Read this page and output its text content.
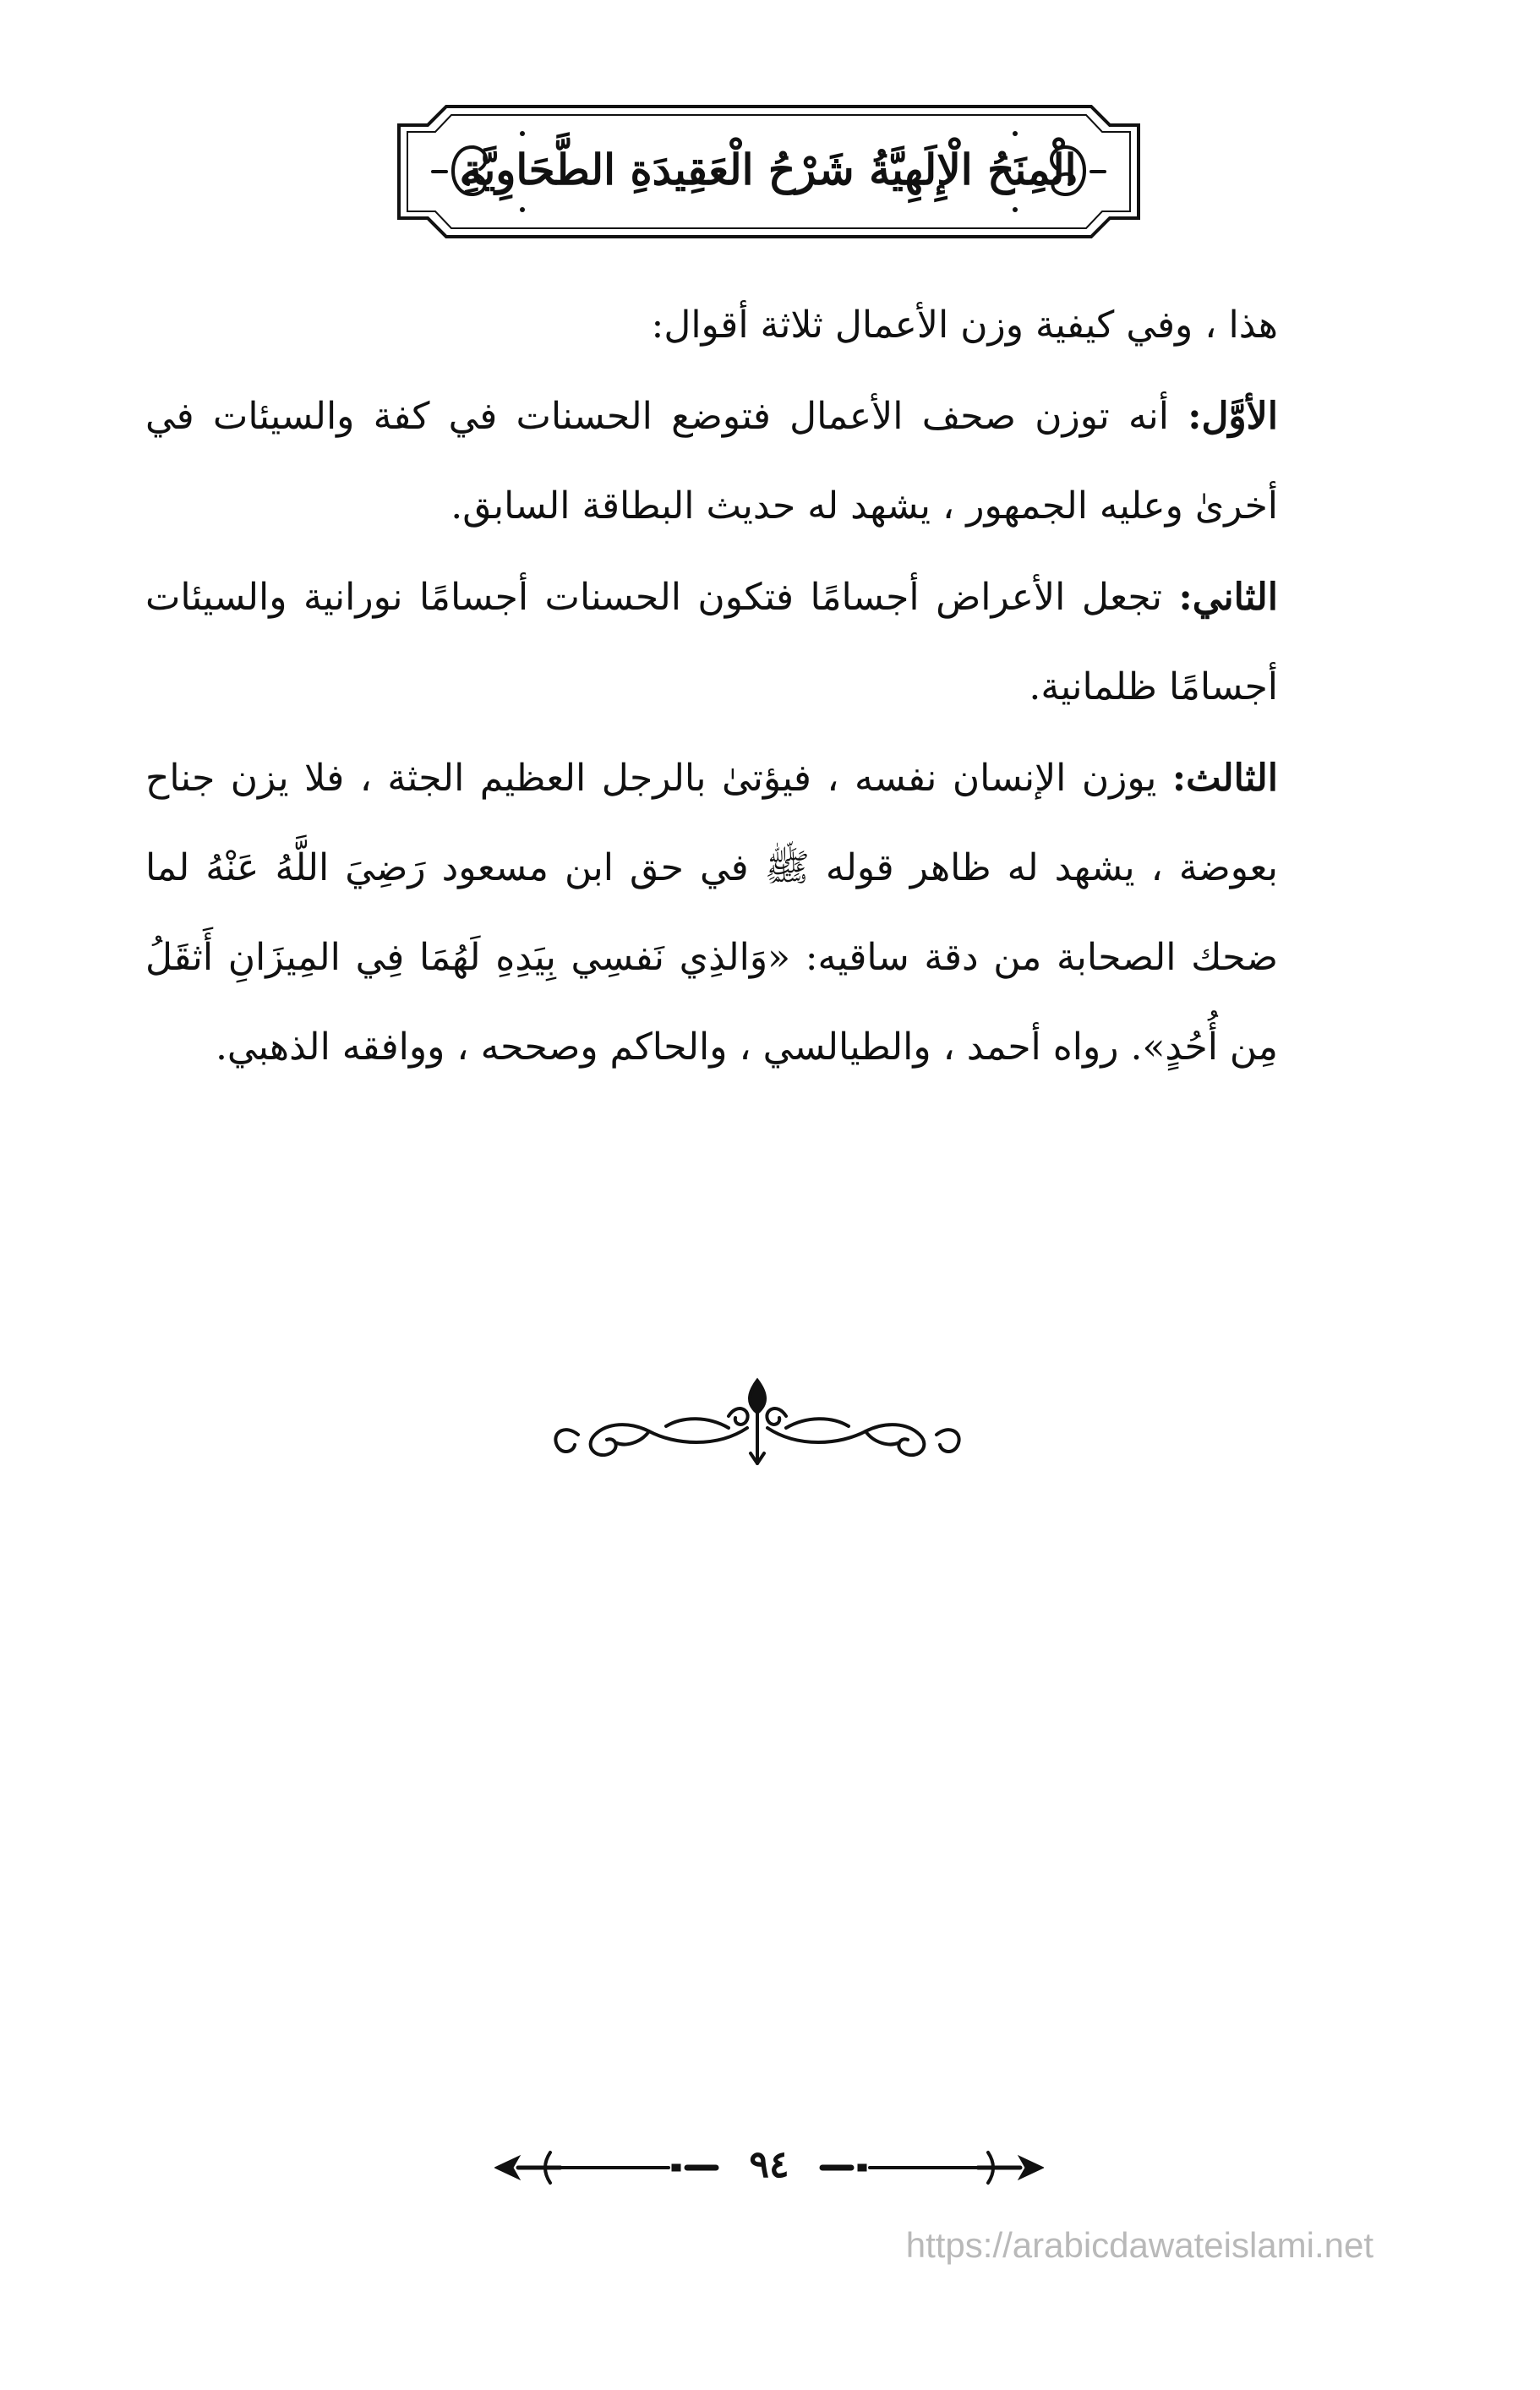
الْمِنَحُ الْإِلَهِيَّةُ شَرْحُ الْعَقِيدَةِ الطَّحَاوِيَّةِ

هذا ، وفي كيفية وزن الأعمال ثلاثة أقوال:

الأوَّل: أنه توزن صحف الأعمال فتوضع الحسنات في كفة والسيئات في أخرىٰ وعليه الجمهور ، يشهد له حديث البطاقة السابق.

الثاني: تجعل الأعراض أجسامًا فتكون الحسنات أجسامًا نورانية والسيئات أجسامًا ظلمانية.

الثالث: يوزن الإنسان نفسه ، فيؤتىٰ بالرجل العظيم الجثة ، فلا يزن جناح بعوضة ، يشهد له ظاهر قوله ﷺ في حق ابن مسعود رَضِيَ اللَّهُ عَنْهُ لما ضحك الصحابة من دقة ساقيه: «وَالذِي نَفسِي بِيَدِهِ لَهُمَا فِي المِيزَانِ أَثقَلُ مِن أُحُدٍ». رواه أحمد ، والطيالسي ، والحاكم وصححه ، ووافقه الذهبي.

٩٤
https://arabicdawateislami.net
